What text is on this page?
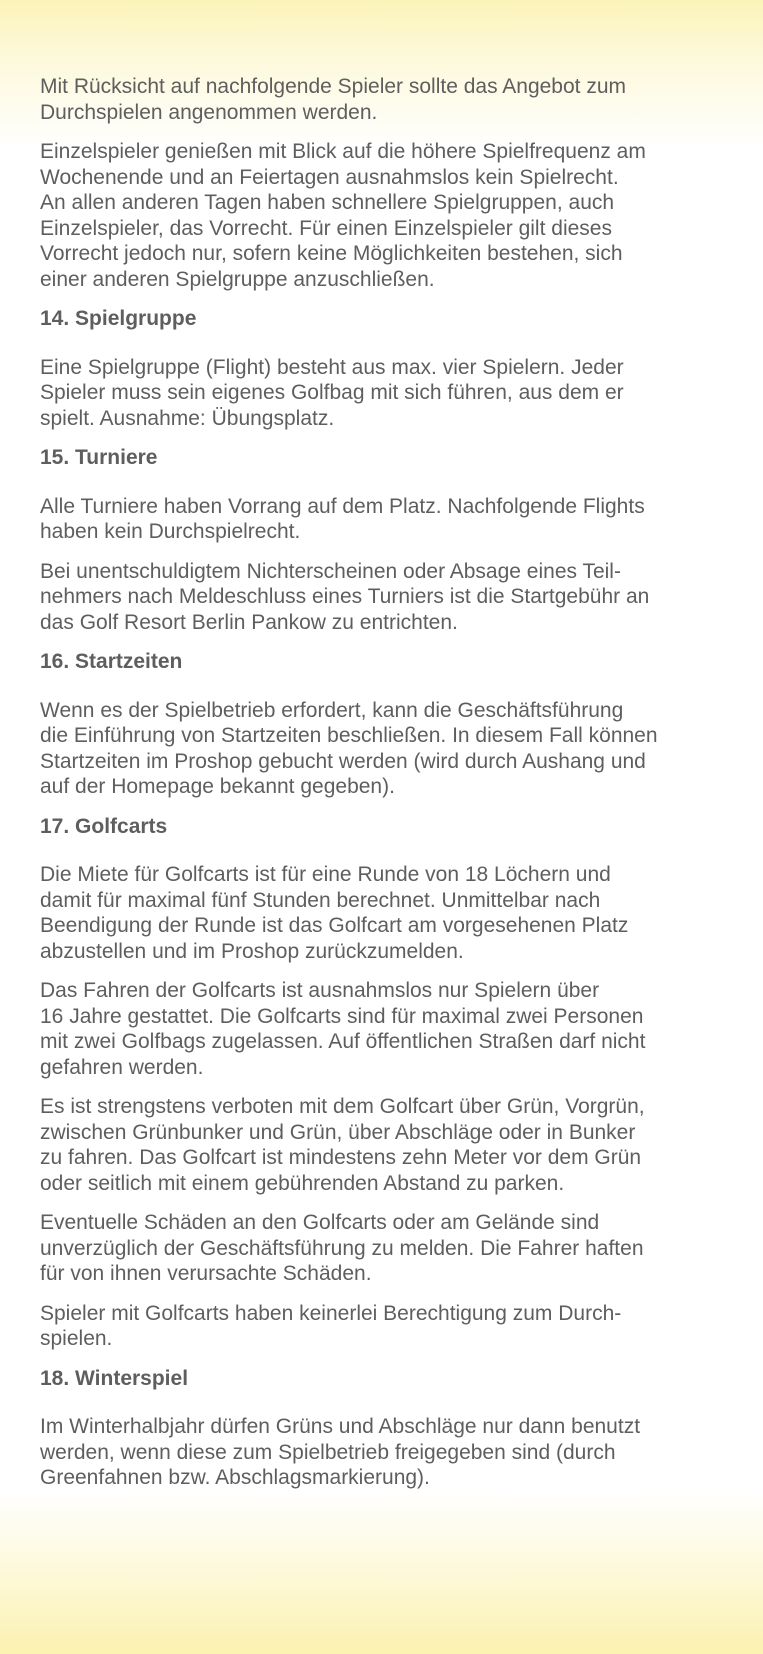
Mit Rücksicht auf nachfolgende Spieler sollte das Angebot zum
Durchspielen angenommen werden.
Einzelspieler genießen mit Blick auf die höhere Spielfrequenz am
Wochenende und an Feiertagen ausnahmslos kein Spielrecht.
An allen anderen Tagen haben schnellere Spielgruppen, auch
Einzelspieler, das Vorrecht. Für einen Einzelspieler gilt dieses
Vorrecht jedoch nur, sofern keine Möglichkeiten bestehen, sich
einer anderen Spielgruppe anzuschließen.
14. Spielgruppe
Eine Spielgruppe (Flight) besteht aus max. vier Spielern. Jeder
Spieler muss sein eigenes Golfbag mit sich führen, aus dem er
spielt. Ausnahme: Übungsplatz.
15. Turniere
Alle Turniere haben Vorrang auf dem Platz. Nachfolgende Flights
haben kein Durchspielrecht.
Bei unentschuldigtem Nichterscheinen oder Absage eines Teil-
nehmers nach Meldeschluss eines Turniers ist die Startgebühr an
das Golf Resort Berlin Pankow zu entrichten.
16. Startzeiten
Wenn es der Spielbetrieb erfordert, kann die Geschäftsführung
die Einführung von Startzeiten beschließen. In diesem Fall können
Startzeiten im Proshop gebucht werden (wird durch Aushang und
auf der Homepage bekannt gegeben).
17. Golfcarts
Die Miete für Golfcarts ist für eine Runde von 18 Löchern und
damit für maximal fünf Stunden berechnet. Unmittelbar nach
Beendigung der Runde ist das Golfcart am vorgesehenen Platz
abzustellen und im Proshop zurückzumelden.
Das Fahren der Golfcarts ist ausnahmslos nur Spielern über
16 Jahre gestattet. Die Golfcarts sind für maximal zwei Personen
mit zwei Golfbags zugelassen. Auf öffentlichen Straßen darf nicht
gefahren werden.
Es ist strengstens verboten mit dem Golfcart über Grün, Vorgrün,
zwischen Grünbunker und Grün, über Abschläge oder in Bunker
zu fahren. Das Golfcart ist mindestens zehn Meter vor dem Grün
oder seitlich mit einem gebührenden Abstand zu parken.
Eventuelle Schäden an den Golfcarts oder am Gelände sind
unverzüglich der Geschäftsführung zu melden. Die Fahrer haften
für von ihnen verursachte Schäden.
Spieler mit Golfcarts haben keinerlei Berechtigung zum Durch-
spielen.
18. Winterspiel
Im Winterhalbjahr dürfen Grüns und Abschläge nur dann benutzt
werden, wenn diese zum Spielbetrieb freigegeben sind (durch
Greenfahnen bzw. Abschlagsmarkierung).
